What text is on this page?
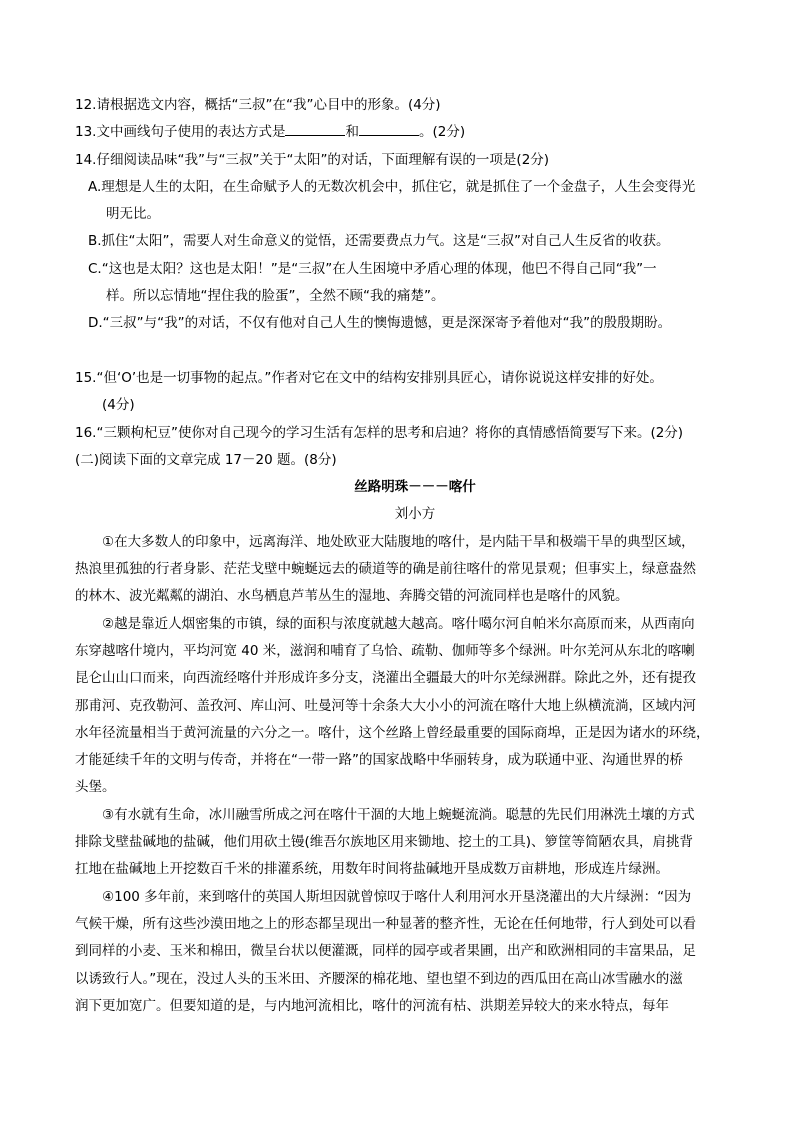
12.请根据选文内容，概括“三叔”在“我”心目中的形象。(4分)
13.文中画线句子使用的表达方式是	和	。(2分)
14.仔细阅读品味“我”与“三叔”关于“太阳”的对话，下面理解有误的一项是(2分)
A.理想是人生的太阳，在生命赋予人的无数次机会中，抓住它，就是抓住了一个金盘子，人生会变得光
明无比。
B.抓住“太阳”，需要人对生命意义的觉悟，还需要费点力气。这是“三叔”对自己人生反省的收获。
C.“这也是太阳？这也是太阳！”是“三叔”在人生困境中矛盾心理的体现，他巴不得自己同“我”一
样。所以忘情地“捏住我的脸蛋”，全然不顾“我的痛楚”。
D.“三叔”与“我”的对话，不仅有他对自己人生的懊悔遗憾，更是深深寄予着他对“我”的殷殷期盼。
15.“但‘O’也是一切事物的起点。”作者对它在文中的结构安排别具匠心，请你说说这样安排的好处。
(4分)
16.“三颗枸杞豆”使你对自己现今的学习生活有怎样的思考和启迪？将你的真情感悟简要写下来。(2分)
(二)阅读下面的文章完成 17－20 题。(8分)
丝路明珠－－－喀什
刘小方
①在大多数人的印象中，远离海洋、地处欧亚大陆腹地的喀什，是内陆干旱和极端干旱的典型区域，
热浪里孤独的行者身影、茫茫戈壁中蜿蜒远去的碛道等的确是前往喀什的常见景观；但事实上，绿意盎然
的林木、波光粼粼的湖泊、水鸟栖息芦苇丛生的湿地、奔腾交错的河流同样也是喀什的风貌。
②越是靠近人烟密集的市镇，绿的面积与浓度就越大越高。喀什噶尔河自帕米尔高原而来，从西南向
东穿越喀什境内，平均河宽 40 米，滋润和哺育了乌恰、疏勒、伽师等多个绿洲。叶尔羌河从东北的喀喇
昆仑山山口而来，向西流经喀什并形成许多分支，浇灌出全疆最大的叶尔羌绿洲群。除此之外，还有提孜
那甫河、克孜勒河、盖孜河、库山河、吐曼河等十余条大大小小的河流在喀什大地上纵横流淌，区域内河
水年径流量相当于黄河流量的六分之一。喀什，这个丝路上曾经最重要的国际商埠，正是因为诸水的环绕，
才能延续千年的文明与传奇，并将在“一带一路”的国家战略中华丽转身，成为联通中亚、沟通世界的桥
头堡。
③有水就有生命，冰川融雪所成之河在喀什干涸的大地上蜿蜒流淌。聪慧的先民们用淋洗土壤的方式
排除戈壁盐碱地的盐碱，他们用砍土镘(维吾尔族地区用来锄地、挖土的工具)、箩筐等简陋农具，肩挑背
扛地在盐碱地上开挖数百千米的排灌系统，用数年时间将盐碱地开垦成数万亩耕地，形成连片绿洲。
④100 多年前，来到喀什的英国人斯坦因就曾惊叹于喀什人利用河水开垦浇灌出的大片绿洲：“因为
气候干燥，所有这些沙漠田地之上的形态都呈现出一种显著的整齐性，无论在任何地带，行人到处可以看
到同样的小麦、玉米和棉田，微呈台状以便灌溉，同样的园亭或者果圃，出产和欧洲相同的丰富果品，足
以诱致行人。”现在，没过人头的玉米田、齐腰深的棉花地、望也望不到边的西瓜田在高山冰雪融水的滋
润下更加宽广。但要知道的是，与内地河流相比，喀什的河流有枯、洪期差异较大的来水特点，每年
